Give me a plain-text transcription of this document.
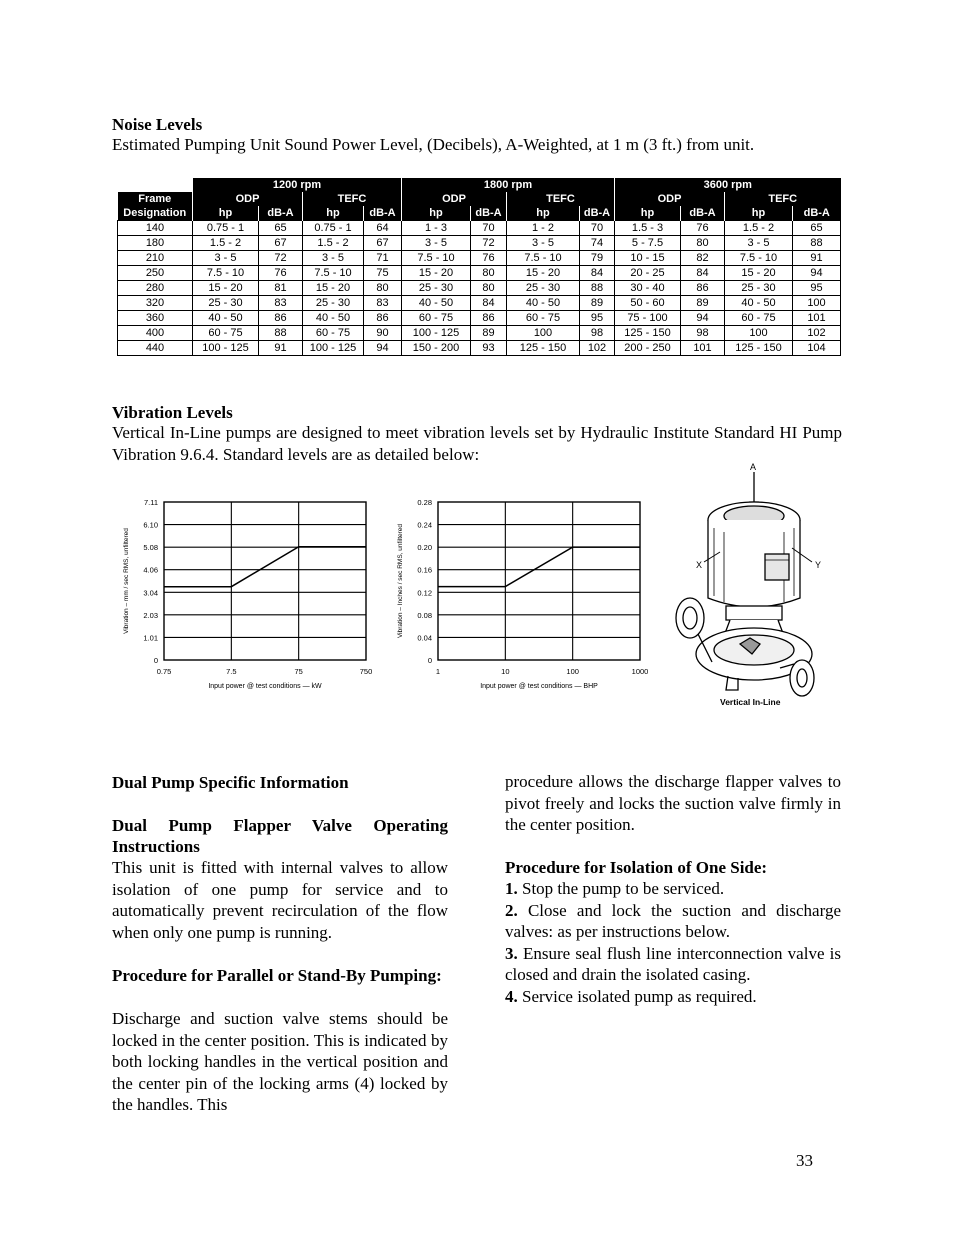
Noise Levels
Estimated Pumping Unit Sound Power Level, (Decibels), A-Weighted, at 1 m (3 ft.) from unit.
	1200 rpm				1800 rpm				3600 rpm			
Frame	ODP		TEFC		ODP		TEFC		ODP		TEFC	
Designation	hp	dB-A	hp	dB-A	hp	dB-A	hp	dB-A	hp	dB-A	hp	dB-A
140	0.75 - 1	65	0.75 - 1	64	1 - 3	70	1 - 2	70	1.5 - 3	76	1.5 - 2	65
180	1.5 - 2	67	1.5 - 2	67	3 - 5	72	3 - 5	74	5 - 7.5	80	3 - 5	88
210	3 - 5	72	3 - 5	71	7.5 - 10	76	7.5 - 10	79	10 - 15	82	7.5 - 10	91
250	7.5 - 10	76	7.5 - 10	75	15 - 20	80	15 - 20	84	20 - 25	84	15 - 20	94
280	15 - 20	81	15 - 20	80	25 - 30	80	25 - 30	88	30 - 40	86	25 - 30	95
320	25 - 30	83	25 - 30	83	40 - 50	84	40 - 50	89	50 - 60	89	40 - 50	100
360	40 - 50	86	40 - 50	86	60 - 75	86	60 - 75	95	75 - 100	94	60 - 75	101
400	60 - 75	88	60 - 75	90	100 - 125	89	100	98	125 - 150	98	100	102
440	100 - 125	91	100 - 125	94	150 - 200	93	125 - 150	102	200 - 250	101	125 - 150	104
Vibration Levels
Vertical In-Line pumps are designed to meet vibration levels set by Hydraulic Institute Standard HI Pump Vibration 9.6.4. Standard levels are as detailed below:
0
1.01
2.03
3.04
4.06
5.08
6.10
7.11
0.75	7.5	75	750
Input power @ test conditions — kW
Vibration – mm / sec RMS, unfiltered
0
0.04
0.08
0.12
0.16
0.20
0.24
0.28
1	10	100	1000
Input power @ test conditions — BHP
Vibration – Inches / sec RMS, unfiltered
A
X	Y
Vertical In-Line
Dual Pump Specific Information
Dual Pump Flapper Valve Operating Instructions
This unit is fitted with internal valves to allow isolation of one pump for service and to automatically prevent recirculation of the flow when only one pump is running.
Procedure for Parallel or Stand-By Pumping:
Discharge and suction valve stems should be locked in the center position. This is indicated by both locking handles in the vertical position and the center pin of the locking arms (4) locked by the handles. This
procedure allows the discharge flapper valves to pivot freely and locks the suction valve firmly in the center position.
Procedure for Isolation of One Side:
1. Stop the pump to be serviced.
2. Close and lock the suction and discharge valves: as per instructions below.
3. Ensure seal flush line interconnection valve is closed and drain the isolated casing.
4. Service isolated pump as required.
33
